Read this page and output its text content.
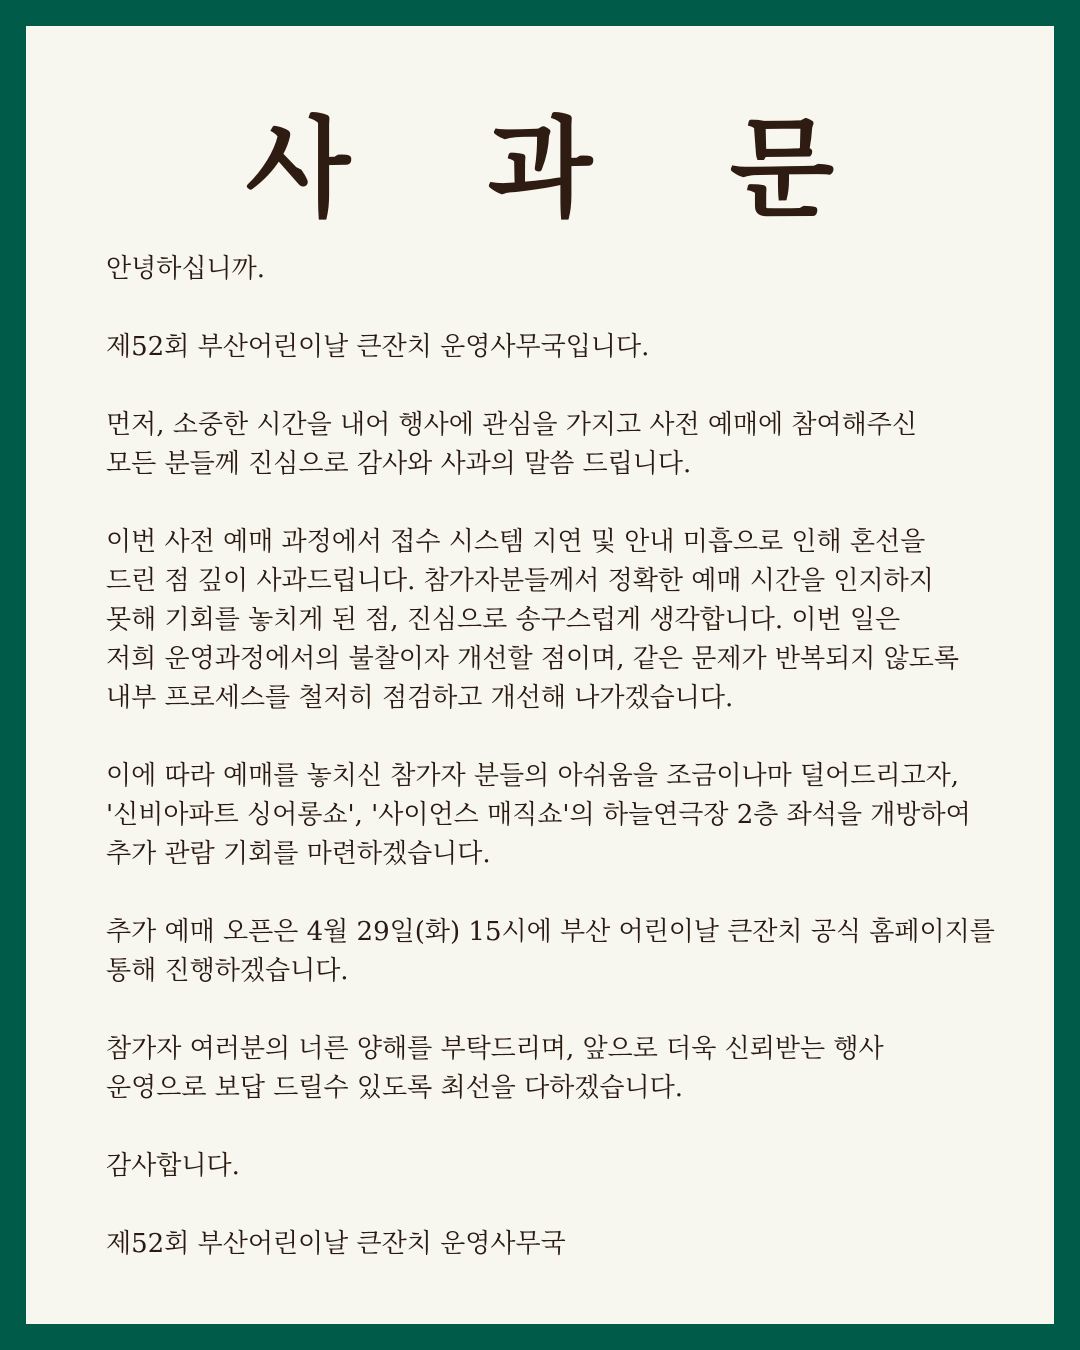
사 과 문

안녕하십니까.

제52회 부산어린이날 큰잔치 운영사무국입니다.

먼저, 소중한 시간을 내어 행사에 관심을 가지고 사전 예매에 참여해주신
모든 분들께 진심으로 감사와 사과의 말씀 드립니다.

이번 사전 예매 과정에서 접수 시스템 지연 및 안내 미흡으로 인해 혼선을
드린 점 깊이 사과드립니다. 참가자분들께서 정확한 예매 시간을 인지하지
못해 기회를 놓치게 된 점, 진심으로 송구스럽게 생각합니다. 이번 일은
저희 운영과정에서의 불찰이자 개선할 점이며, 같은 문제가 반복되지 않도록
내부 프로세스를 철저히 점검하고 개선해 나가겠습니다.

이에 따라 예매를 놓치신 참가자 분들의 아쉬움을 조금이나마 덜어드리고자,
'신비아파트 싱어롱쇼', '사이언스 매직쇼'의 하늘연극장 2층 좌석을 개방하여
추가 관람 기회를 마련하겠습니다.

추가 예매 오픈은 4월 29일(화) 15시에 부산 어린이날 큰잔치 공식 홈페이지를
통해 진행하겠습니다.

참가자 여러분의 너른 양해를 부탁드리며, 앞으로 더욱 신뢰받는 행사
운영으로 보답 드릴수 있도록 최선을 다하겠습니다.

감사합니다.

제52회 부산어린이날 큰잔치 운영사무국
